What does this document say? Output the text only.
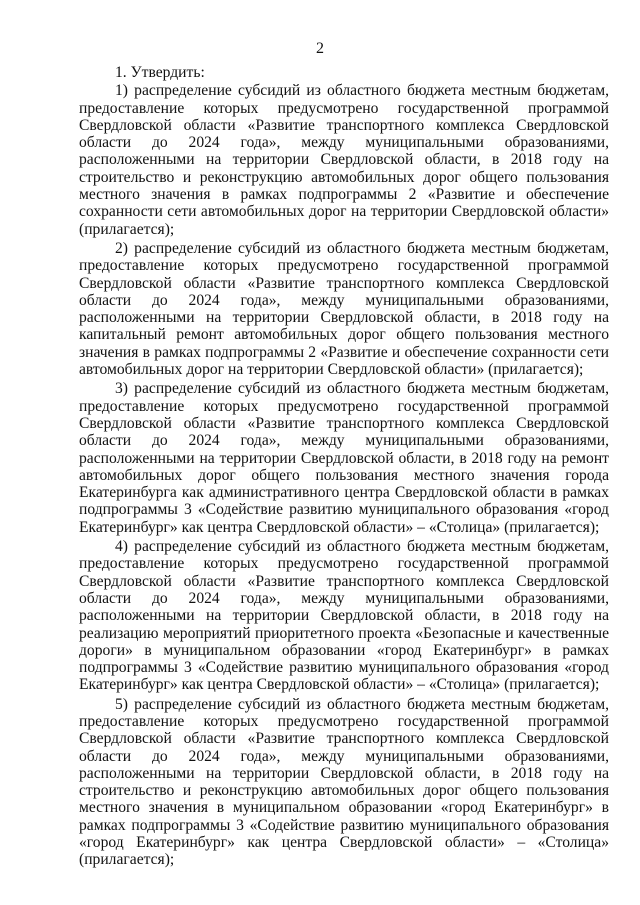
2

1. Утвердить:

1) распределение субсидий из областного бюджета местным бюджетам, предоставление которых предусмотрено государственной программой Свердловской области «Развитие транспортного комплекса Свердловской области до 2024 года», между муниципальными образованиями, расположенными на территории Свердловской области, в 2018 году на строительство и реконструкцию автомобильных дорог общего пользования местного значения в рамках подпрограммы 2 «Развитие и обеспечение сохранности сети автомобильных дорог на территории Свердловской области» (прилагается);

2) распределение субсидий из областного бюджета местным бюджетам, предоставление которых предусмотрено государственной программой Свердловской области «Развитие транспортного комплекса Свердловской области до 2024 года», между муниципальными образованиями, расположенными на территории Свердловской области, в 2018 году на капитальный ремонт автомобильных дорог общего пользования местного значения в рамках подпрограммы 2 «Развитие и обеспечение сохранности сети автомобильных дорог на территории Свердловской области» (прилагается);

3) распределение субсидий из областного бюджета местным бюджетам, предоставление которых предусмотрено государственной программой Свердловской области «Развитие транспортного комплекса Свердловской области до 2024 года», между муниципальными образованиями, расположенными на территории Свердловской области, в 2018 году на ремонт автомобильных дорог общего пользования местного значения города Екатеринбурга как административного центра Свердловской области в рамках подпрограммы 3 «Содействие развитию муниципального образования «город Екатеринбург» как центра Свердловской области» – «Столица» (прилагается);

4) распределение субсидий из областного бюджета местным бюджетам, предоставление которых предусмотрено государственной программой Свердловской области «Развитие транспортного комплекса Свердловской области до 2024 года», между муниципальными образованиями, расположенными на территории Свердловской области, в 2018 году на реализацию мероприятий приоритетного проекта «Безопасные и качественные дороги» в муниципальном образовании «город Екатеринбург» в рамках подпрограммы 3 «Содействие развитию муниципального образования «город Екатеринбург» как центра Свердловской области» – «Столица» (прилагается);

5) распределение субсидий из областного бюджета местным бюджетам, предоставление которых предусмотрено государственной программой Свердловской области «Развитие транспортного комплекса Свердловской области до 2024 года», между муниципальными образованиями, расположенными на территории Свердловской области, в 2018 году на строительство и реконструкцию автомобильных дорог общего пользования местного значения в муниципальном образовании «город Екатеринбург» в рамках подпрограммы 3 «Содействие развитию муниципального образования «город Екатеринбург» как центра Свердловской области» – «Столица» (прилагается);
